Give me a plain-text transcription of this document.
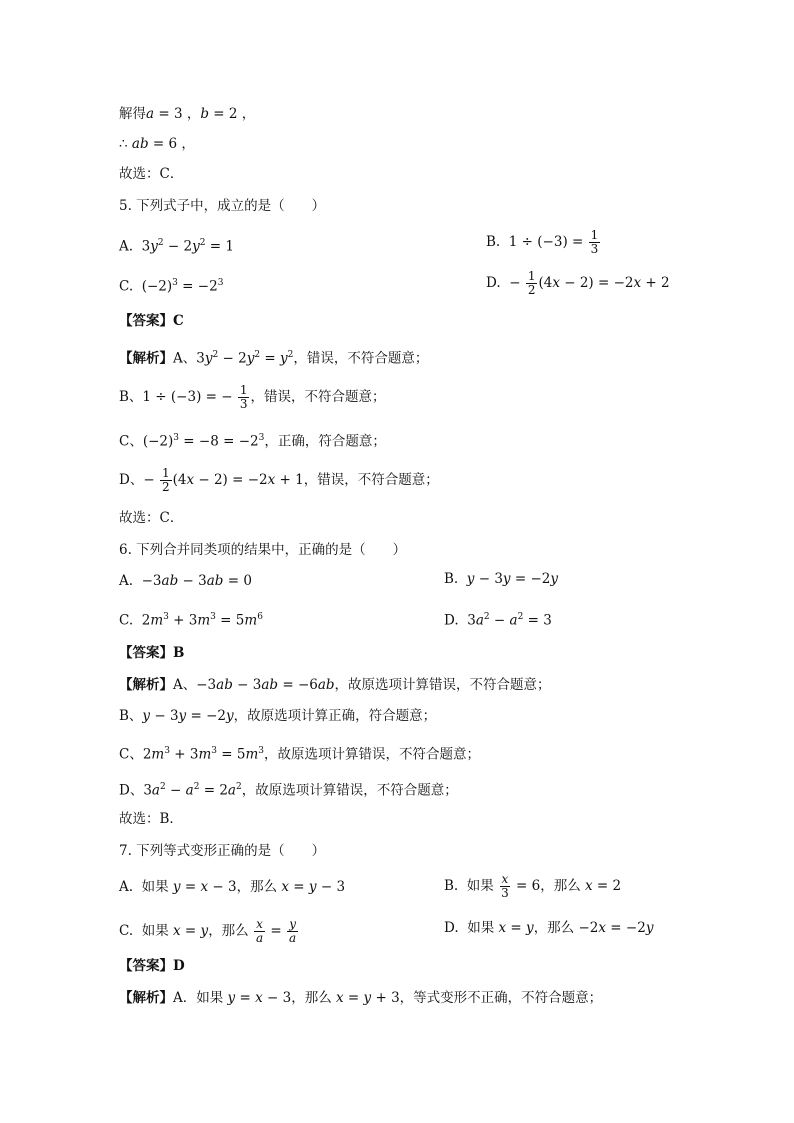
解得a = 3 ，b = 2 ，
∴ ab = 6 ，
故选：C．
5. 下列式子中，成立的是（　　）
A.  $3y^2 - 2y^2 = 1$	B.  $1 \div (-3) = \frac{1}{3}$
C.  $(-2)^3 = -2^3$	D.  − $\frac{1}{2} (4x - 2) = -2x + 2$
【答案】C
【解析】A、$3y^2 - 2y^2 = y^2$，错误，不符合题意；
B、1 ÷ (−3) = − $\frac{1}{3}$ ，错误，不符合题意；
C、$(-2)^3 = -8 = -2^3$，正确，符合题意；
D、− $\frac{1}{2} (4x - 2) = -2x + 1$，错误，不符合题意；
故选：C．
6. 下列合并同类项的结果中，正确的是（　　）
A.  −3ab − 3ab = 0	B.  y − 3y = −2y
C.  $2m^3 + 3m^3 = 5m^6$	D.  $3a^2 - a^2 = 3$
【答案】B
【解析】A、−3ab − 3ab = −6ab，故原选项计算错误，不符合题意；
B、y − 3y = −2y，故原选项计算正确，符合题意；
C、$2m^3 + 3m^3 = 5m^3$，故原选项计算错误，不符合题意；
D、$3a^2 - a^2 = 2a^2$，故原选项计算错误，不符合题意；
故选：B．
7. 下列等式变形正确的是（　　）
A.  如果 y = x − 3，那么 x = y − 3	B.  如果 $\frac{x}{3} = 6$，那么 x = 2
C.  如果 x = y，那么 $\frac{x}{a} = \frac{y}{a}$	D.  如果 x = y，那么 −2x = −2y
【答案】D
【解析】A．如果 y = x − 3，那么 x = y + 3，等式变形不正确，不符合题意；
